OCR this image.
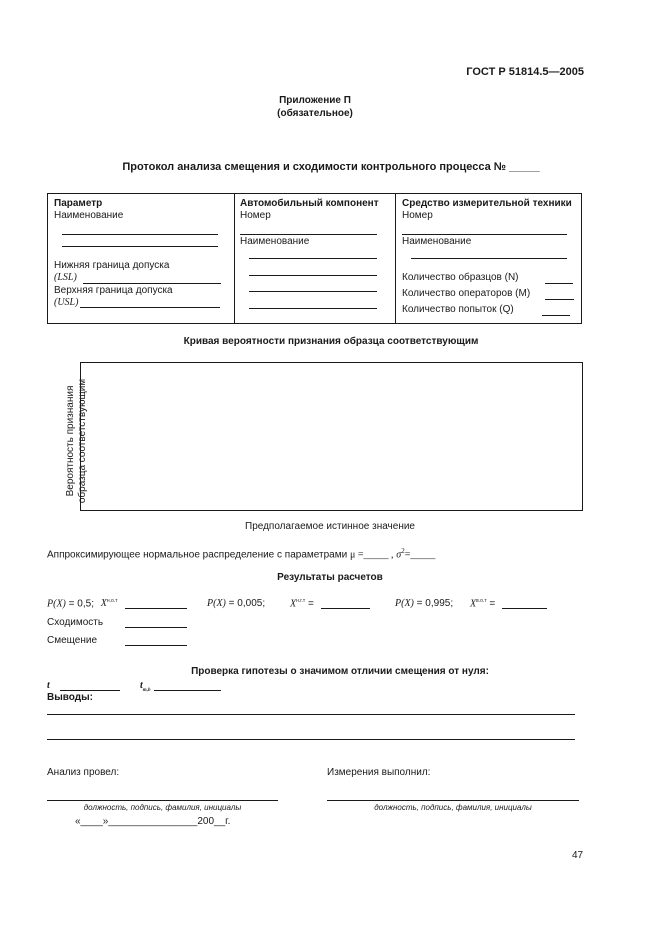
ГОСТ Р 51814.5—2005
Приложение П
(обязательное)
Протокол анализа смещения и сходимости контрольного процесса № _____
Параметр
Наименование
Нижняя граница допуска
(LSL)
Верхняя граница допуска
(USL)
Автомобильный компонент
Номер
Наименование
Средство измерительной техники
Номер
Наименование
Количество образцов (N)
Количество операторов (M)
Количество попыток (Q)
Кривая вероятности признания образца соответствующим
Вероятность признания образца соответствующим
Предполагаемое истинное значение
Аппроксимирующее нормальное распределение с параметрами μ =_____ , $\sigma^2=\_\_\_\_\_$
Результаты расчетов
P(X) = 0,5; $X^{н.о.т}$	P(X) = 0,005; $X^{н.г.т}$ =	P(X) = 0,995; $X^{в.о.т}$ =
Сходимость
Смещение
Проверка гипотезы о значимом отличии смещения от нуля:
t	$t_{т,b}$
Выводы:
Анализ провел:	Измерения выполнил:
должность, подпись, фамилия, инициалы	должность, подпись, фамилия, инициалы
«____»________________200__г.
47
